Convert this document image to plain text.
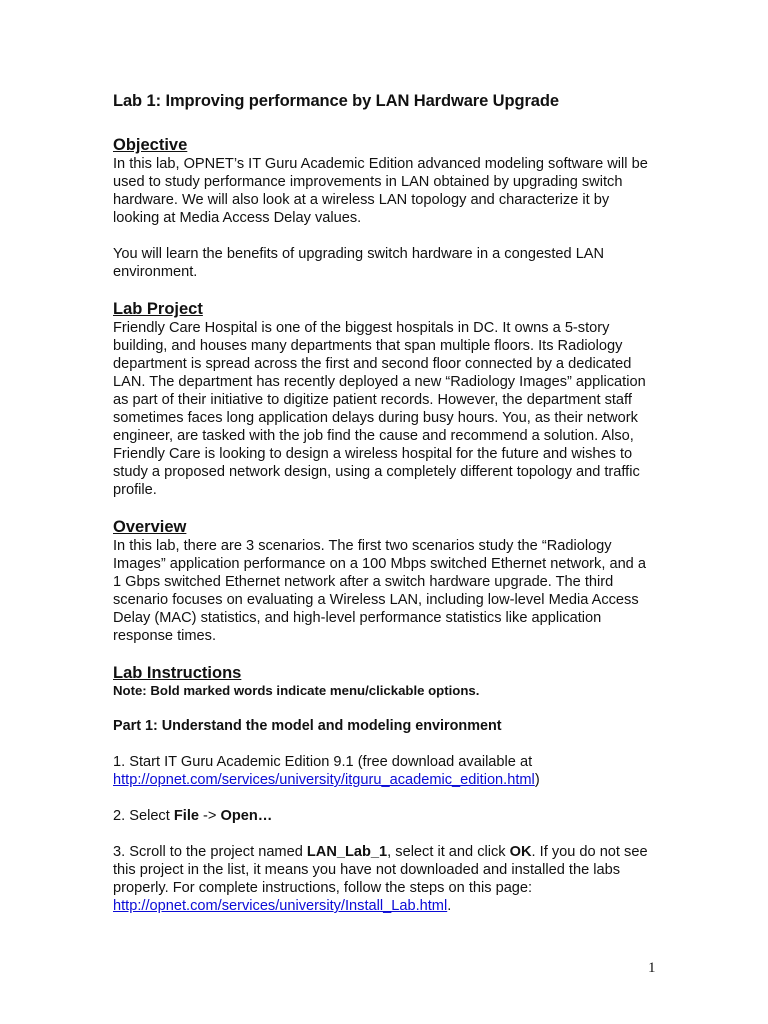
Lab 1: Improving performance by LAN Hardware Upgrade

Objective

In this lab, OPNET’s IT Guru Academic Edition advanced modeling software will be used to study performance improvements in LAN obtained by upgrading switch hardware. We will also look at a wireless LAN topology and characterize it by looking at Media Access Delay values.

You will learn the benefits of upgrading switch hardware in a congested LAN environment.

Lab Project

Friendly Care Hospital is one of the biggest hospitals in DC. It owns a 5-story building, and houses many departments that span multiple floors. Its Radiology department is spread across the first and second floor connected by a dedicated LAN. The department has recently deployed a new “Radiology Images” application as part of their initiative to digitize patient records. However, the department staff sometimes faces long application delays during busy hours. You, as their network engineer, are tasked with the job find the cause and recommend a solution. Also, Friendly Care is looking to design a wireless hospital for the future and wishes to study a proposed network design, using a completely different topology and traffic profile.

Overview

In this lab, there are 3 scenarios. The first two scenarios study the “Radiology Images” application performance on a 100 Mbps switched Ethernet network, and a 1 Gbps switched Ethernet network after a switch hardware upgrade. The third scenario focuses on evaluating a Wireless LAN, including low-level Media Access Delay (MAC) statistics, and high-level performance statistics like application response times.

Lab Instructions

Note: Bold marked words indicate menu/clickable options.

Part 1: Understand the model and modeling environment

1. Start IT Guru Academic Edition 9.1 (free download available at
http://opnet.com/services/university/itguru_academic_edition.html)

2. Select File -> Open…

3. Scroll to the project named LAN_Lab_1, select it and click OK. If you do not see this project in the list, it means you have not downloaded and installed the labs properly. For complete instructions, follow the steps on this page:
http://opnet.com/services/university/Install_Lab.html.

1
